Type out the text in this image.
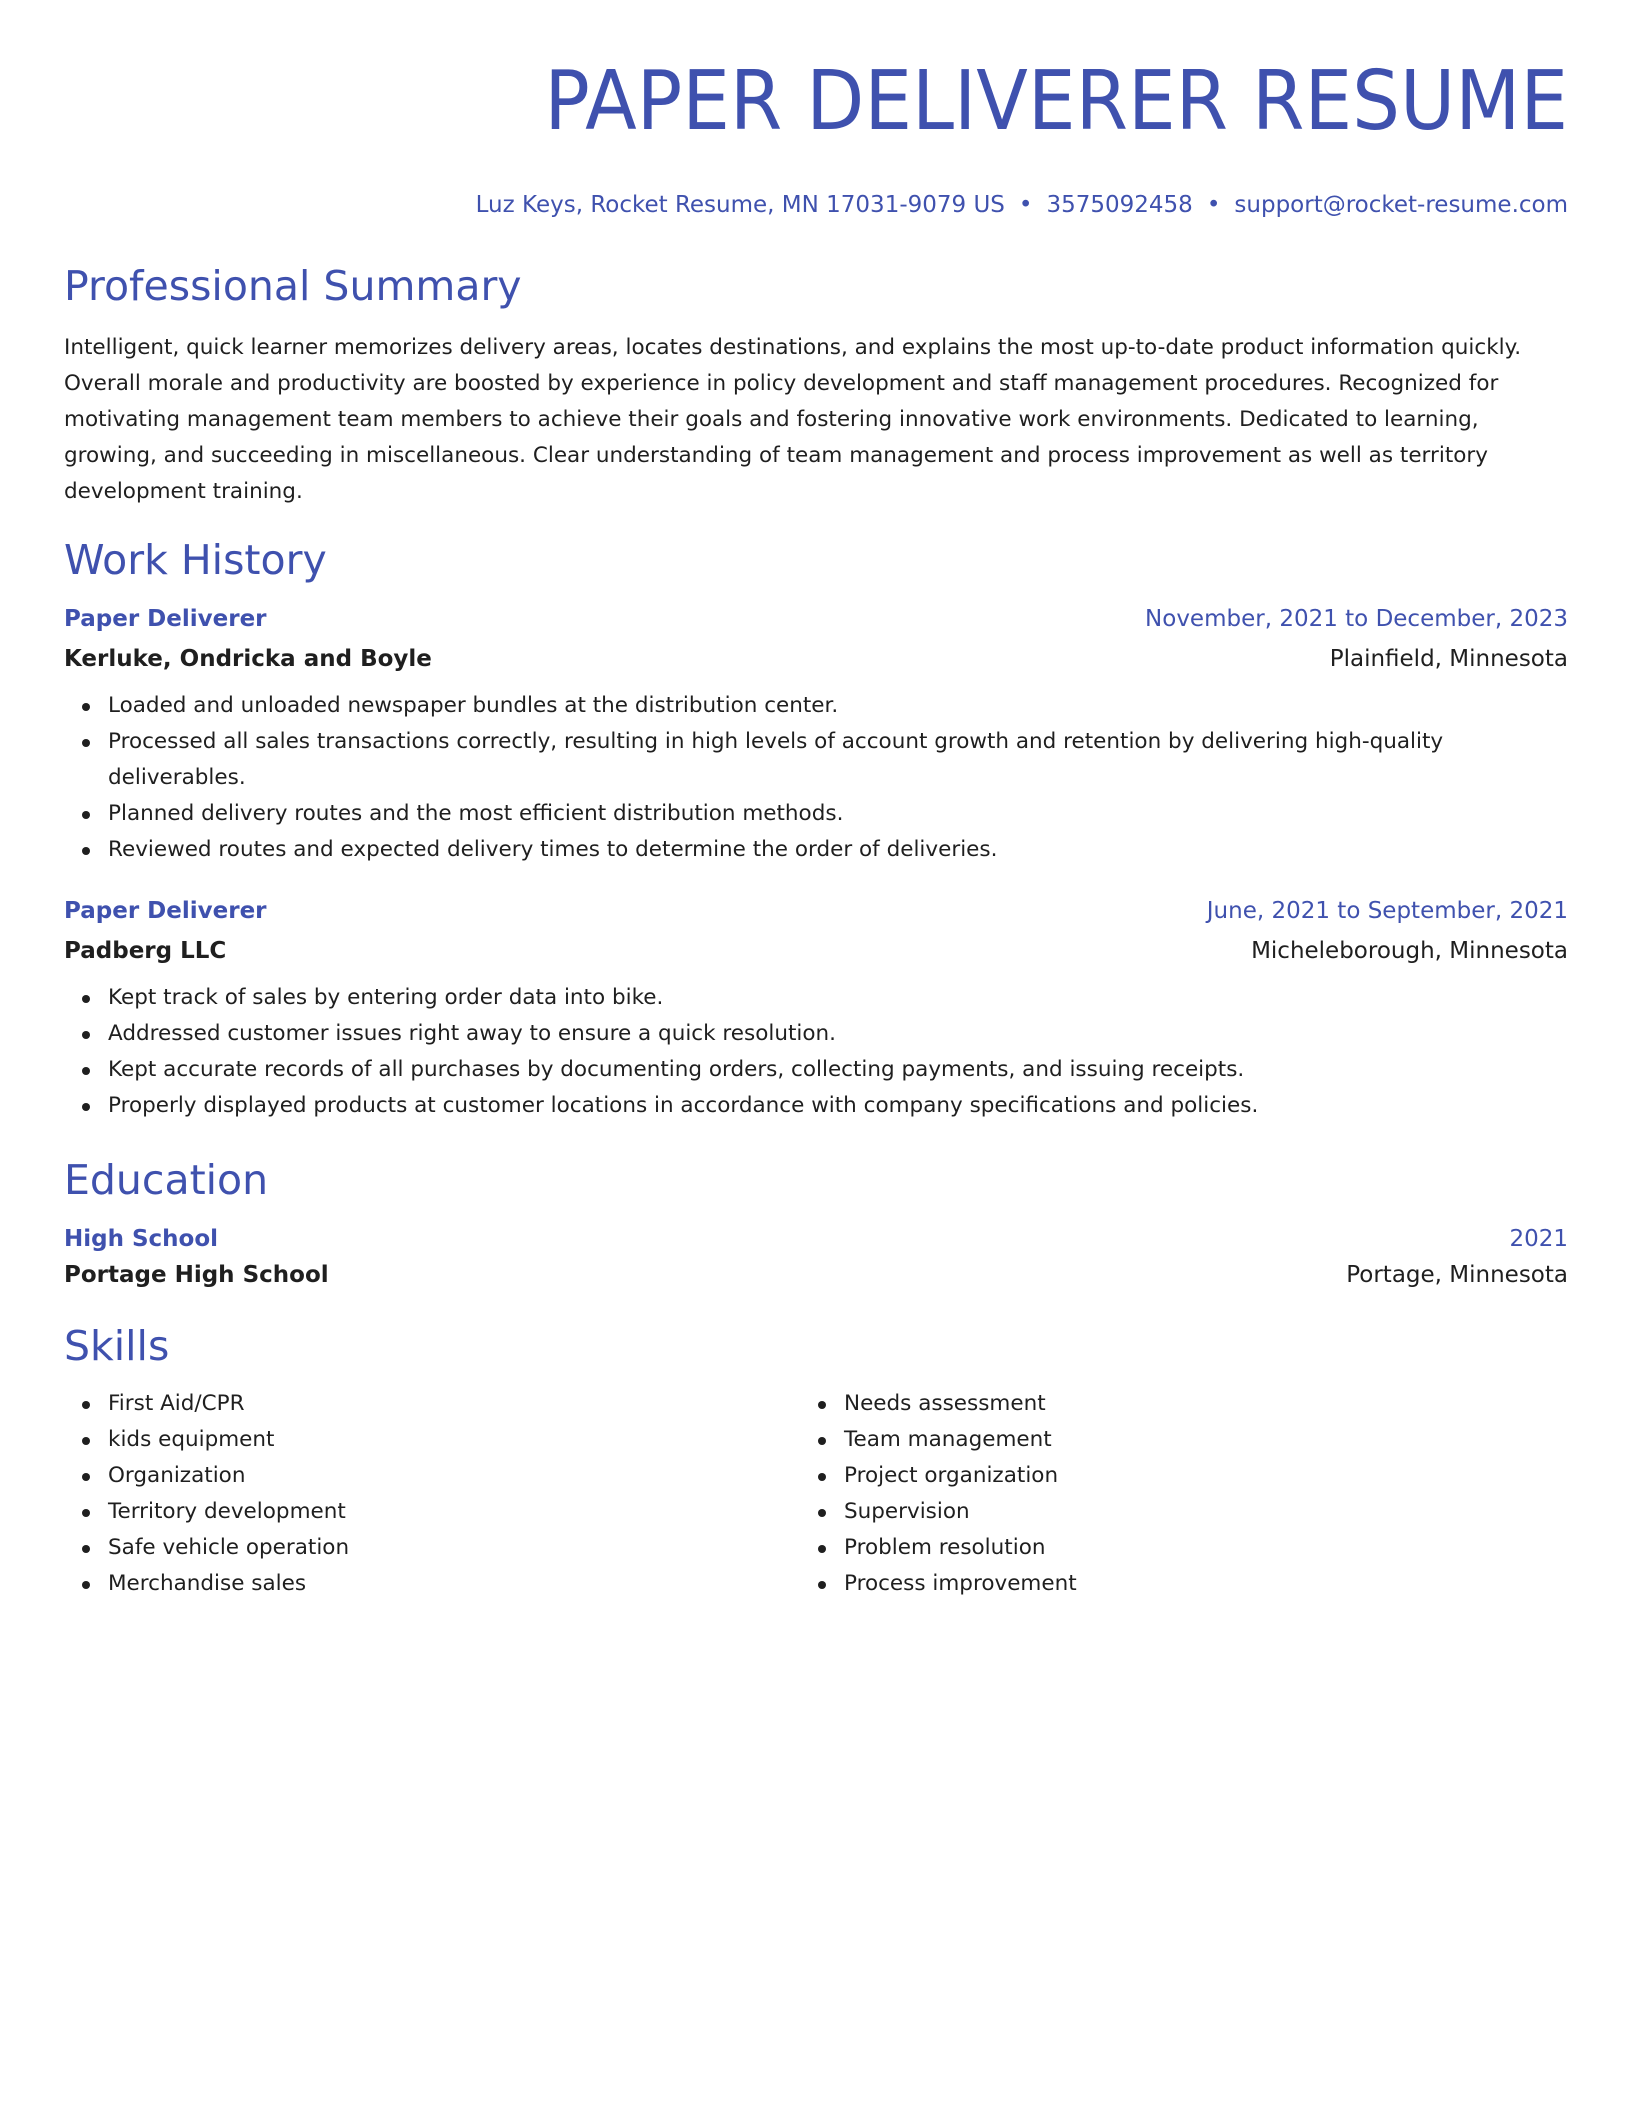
PAPER DELIVERER RESUME
Luz Keys, Rocket Resume, MN 17031-9079 US • 3575092458 • support@rocket-resume.com
Professional Summary

Intelligent, quick learner memorizes delivery areas, locates destinations, and explains the most up-to-date product information quickly. Overall morale and productivity are boosted by experience in policy development and staff management procedures. Recognized for motivating management team members to achieve their goals and fostering innovative work environments. Dedicated to learning, growing, and succeeding in miscellaneous. Clear understanding of team management and process improvement as well as territory development training.

Work History
Paper Deliverer	November, 2021 to December, 2023
Kerluke, Ondricka and Boyle	Plainfield, Minnesota
Loaded and unloaded newspaper bundles at the distribution center.
Processed all sales transactions correctly, resulting in high levels of account growth and retention by delivering high-quality deliverables.
Planned delivery routes and the most efficient distribution methods.
Reviewed routes and expected delivery times to determine the order of deliveries.
Paper Deliverer	June, 2021 to September, 2021
Padberg LLC	Micheleborough, Minnesota
Kept track of sales by entering order data into bike.
Addressed customer issues right away to ensure a quick resolution.
Kept accurate records of all purchases by documenting orders, collecting payments, and issuing receipts.
Properly displayed products at customer locations in accordance with company specifications and policies.
Education
High School	2021
Portage High School	Portage, Minnesota
Skills
First Aid/CPR
kids equipment
Organization
Territory development
Safe vehicle operation
Merchandise sales
Needs assessment
Team management
Project organization
Supervision
Problem resolution
Process improvement
